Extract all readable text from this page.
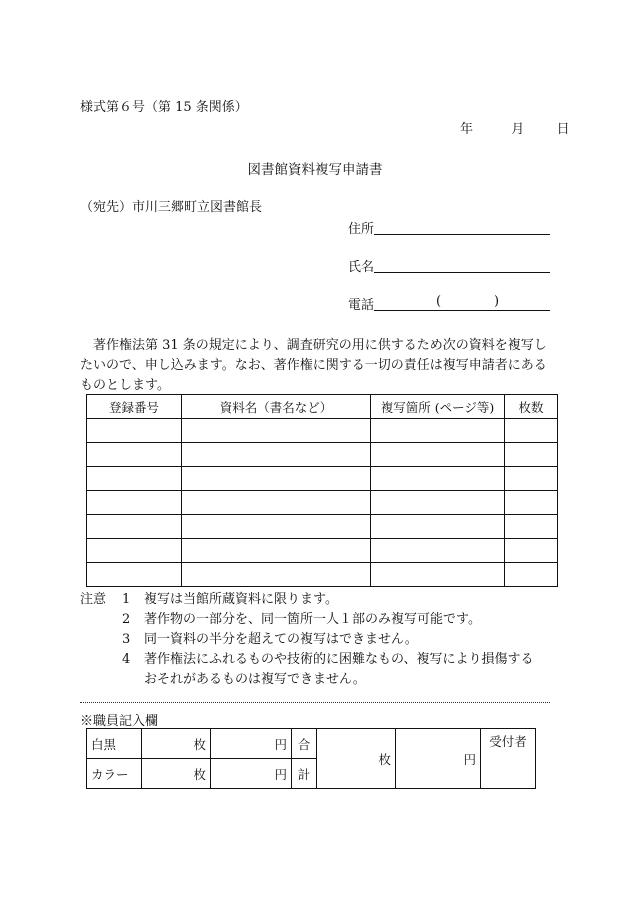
様式第６号（第 15 条関係）
年	月 日
図書館資料複写申請書
（宛先）市川三郷町立図書館長
住所
氏名
電話	(	)
著作権法第 31 条の規定により、調査研究の用に供するため次の資料を複写したいので、申し込みます。なお、著作権に関する一切の責任は複写申請者にあるものとします。
登録番号	資料名（書名など）	複写箇所 (ページ等)	枚数

注意 1 複写は当館所蔵資料に限ります。
2 著作物の一部分を、同一箇所一人１部のみ複写可能です。
3 同一資料の半分を超えての複写はできません。
4 著作権法にふれるものや技術的に困難なもの、複写により損傷する
おそれがあるものは複写できません。
※職員記入欄
白黒	枚	円	合	枚	円	受付者
カラー	枚	円	計			
